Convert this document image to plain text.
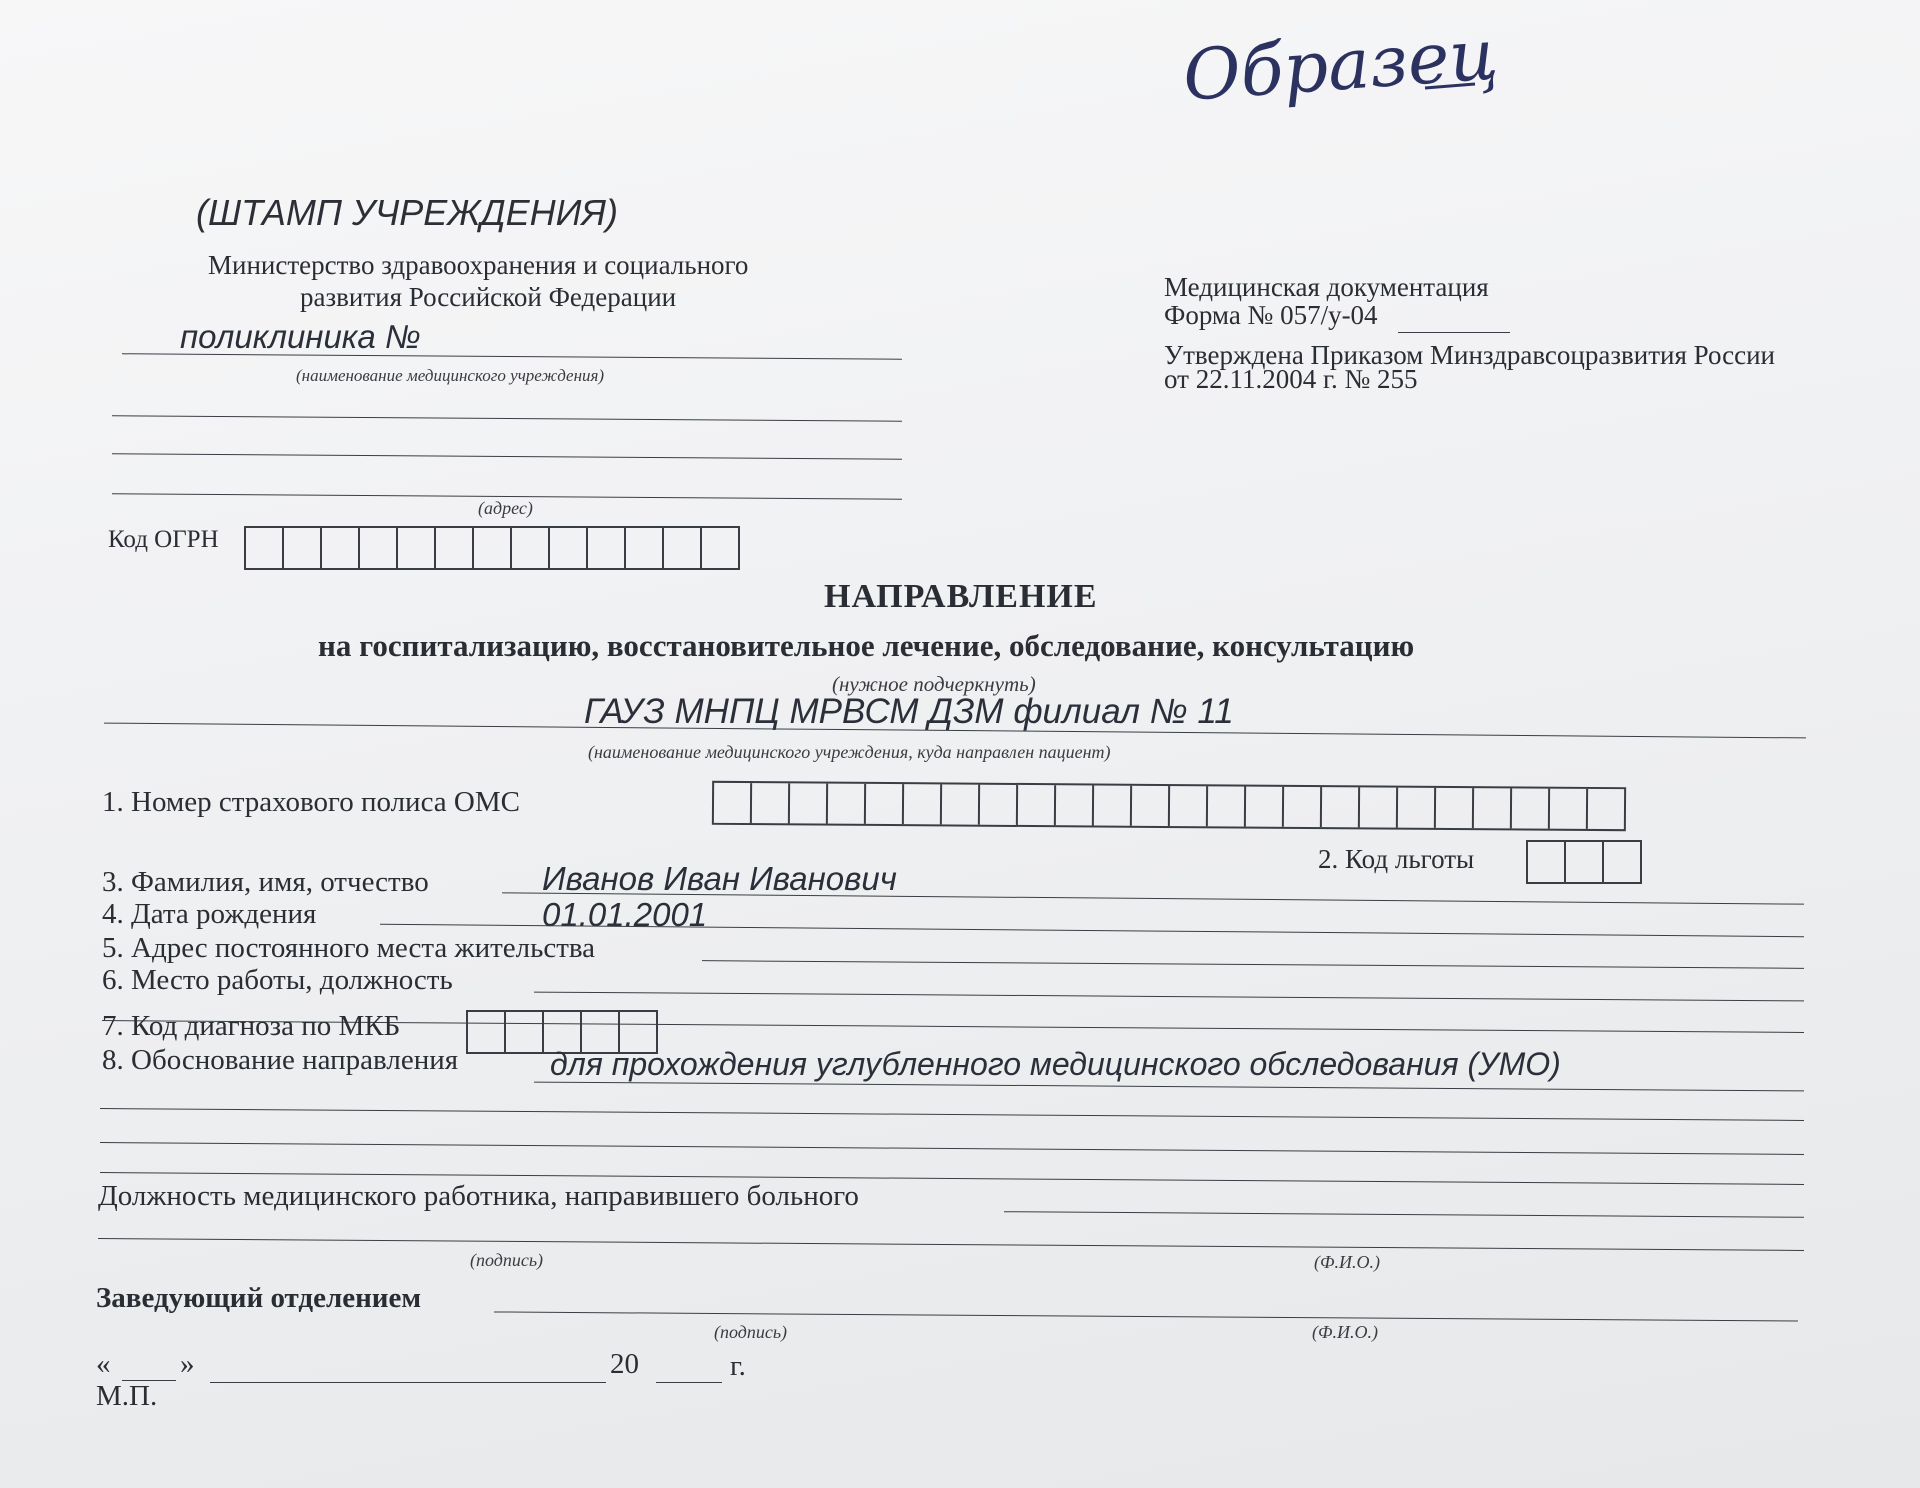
Образец
(ШТАМП УЧРЕЖДЕНИЯ)
Министерство здравоохранения и социального
развития Российской Федерации
поликлиника №
(наименование медицинского учреждения)
(адрес)
Код ОГРН
Медицинская документация
Форма № 057/у-04
Утверждена Приказом Минздравсоцразвития России
от 22.11.2004 г. № 255
НАПРАВЛЕНИЕ
на госпитализацию, восстановительное лечение, обследование, консультацию
(нужное подчеркнуть)
ГАУЗ МНПЦ МРВСМ ДЗМ филиал № 11
(наименование медицинского учреждения, куда направлен пациент)
1. Номер страхового полиса ОМС
2. Код льготы
3. Фамилия, имя, отчество	Иванов Иван Иванович
4. Дата рождения	01.01.2001
5. Адрес постоянного места жительства
6. Место работы, должность
7. Код диагноза по МКБ
8. Обоснование направления	для прохождения углубленного медицинского обследования (УМО)
Должность медицинского работника, направившего больного
(подпись)	(Ф.И.О.)
Заведующий отделением
(подпись)	(Ф.И.О.)
« »	20	г.
М.П.
